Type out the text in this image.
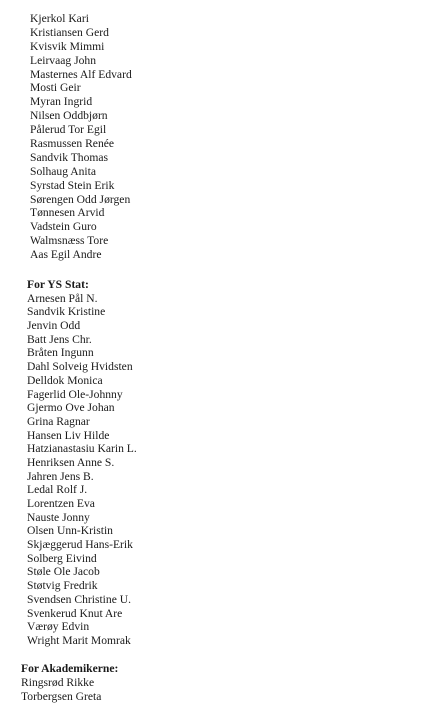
Kjerkol Kari
Kristiansen Gerd
Kvisvik Mimmi
Leirvaag John
Masternes Alf Edvard
Mosti Geir
Myran Ingrid
Nilsen Oddbjørn
Pålerud Tor Egil
Rasmussen Renée
Sandvik Thomas
Solhaug Anita
Syrstad Stein Erik
Sørengen Odd Jørgen
Tønnesen Arvid
Vadstein Guro
Walmsnæss Tore
Aas Egil Andre
For YS Stat:
Arnesen Pål N.
Sandvik Kristine
Jenvin Odd
Batt Jens Chr.
Bråten Ingunn
Dahl Solveig Hvidsten
Delldok Monica
Fagerlid Ole-Johnny
Gjermo Ove Johan
Grina Ragnar
Hansen Liv Hilde
Hatzianastasiu Karin L.
Henriksen Anne S.
Jahren Jens B.
Ledal Rolf J.
Lorentzen Eva
Nauste Jonny
Olsen Unn-Kristin
Skjæggerud Hans-Erik
Solberg Eivind
Støle Ole Jacob
Støtvig Fredrik
Svendsen Christine U.
Svenkerud Knut Are
Værøy Edvin
Wright Marit Momrak
For Akademikerne:
Ringsrød Rikke
Torbergsen Greta
